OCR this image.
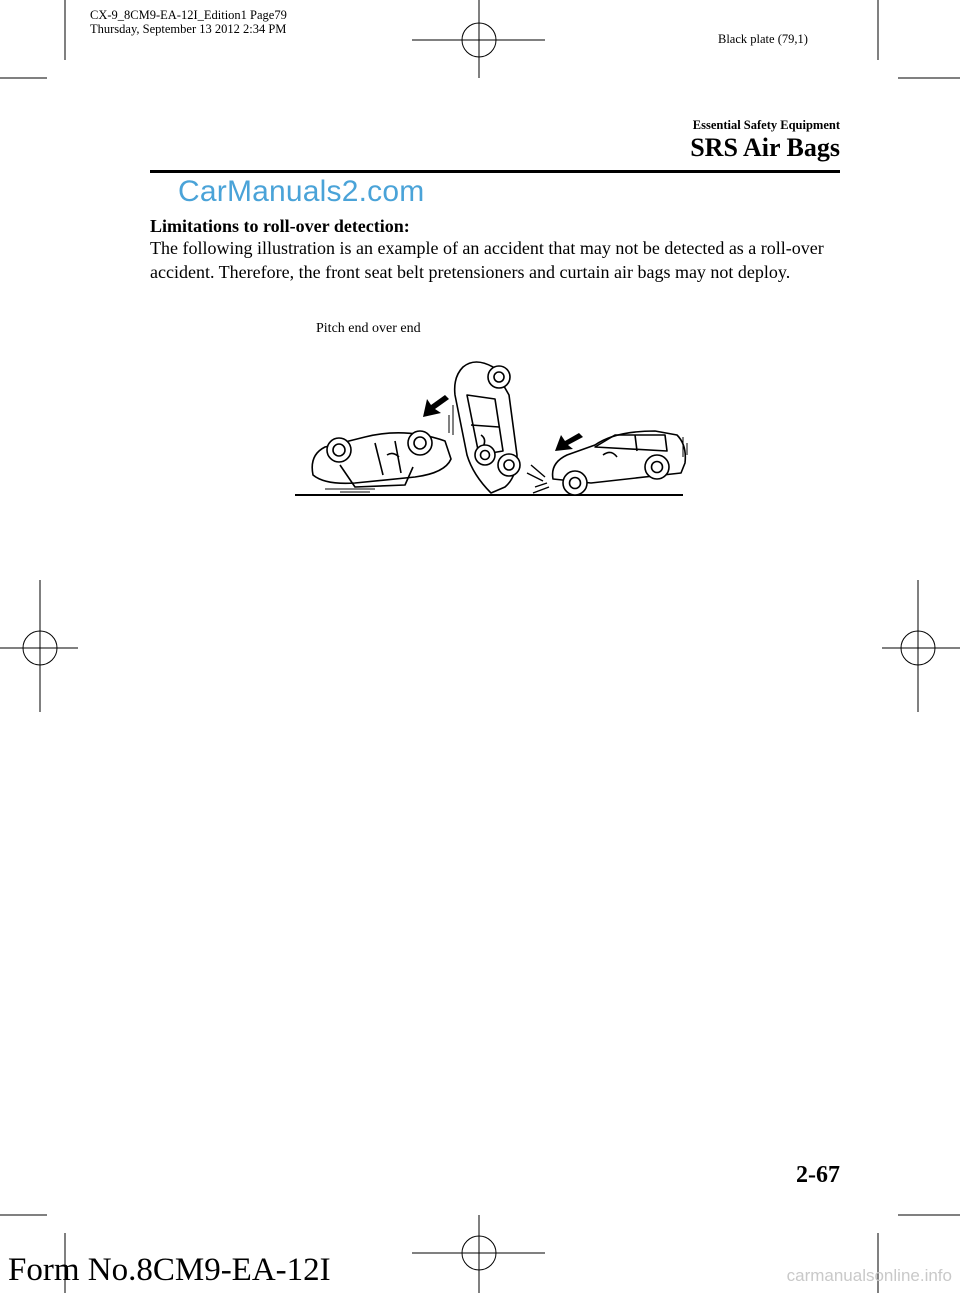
CX-9_8CM9-EA-12I_Edition1 Page79
Thursday, September 13 2012 2:34 PM
Black plate (79,1)
Essential Safety Equipment
SRS Air Bags
CarManuals2.com
Limitations to roll-over detection:
The following illustration is an example of an accident that may not be detected as a roll-over accident. Therefore, the front seat belt pretensioners and curtain air bags may not deploy.
Pitch end over end
2-67
Form No.8CM9-EA-12I	carmanualsonline.info
